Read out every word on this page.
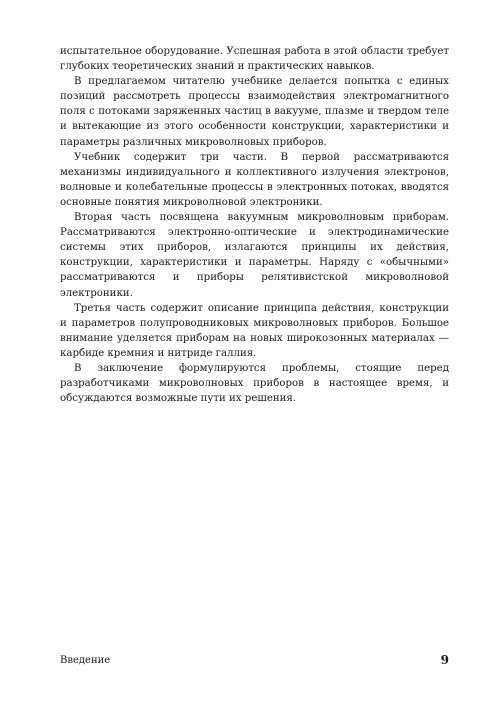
испытательное оборудование. Успешная работа в этой области требует глубоких теоретических знаний и практических навыков.

В предлагаемом читателю учебнике делается попытка с единых позиций рассмотреть процессы взаимодействия электромагнитного поля с потоками заряженных частиц в вакууме, плазме и твердом теле и вытекающие из этого особенности конструкции, характеристики и параметры различных микроволновых приборов.

Учебник содержит три части. В первой рассматриваются механизмы индивидуального и коллективного излучения электронов, волновые и колебательные процессы в электронных потоках, вводятся основные понятия микроволновой электроники.

Вторая часть посвящена вакуумным микроволновым приборам. Рассматриваются электронно-оптические и электродинамические системы этих приборов, излагаются принципы их действия, конструкции, характеристики и параметры. Наряду с «обычными» рассматриваются и приборы релятивистской микроволновой электроники.

Третья часть содержит описание принципа действия, конструкции и параметров полупроводниковых микроволновых приборов. Большое внимание уделяется приборам на новых широкозонных материалах — карбиде кремния и нитриде галлия.

В заключение формулируются проблемы, стоящие перед разработчиками микроволновых приборов в настоящее время, и обсуждаются возможные пути их решения.

Введение	9
